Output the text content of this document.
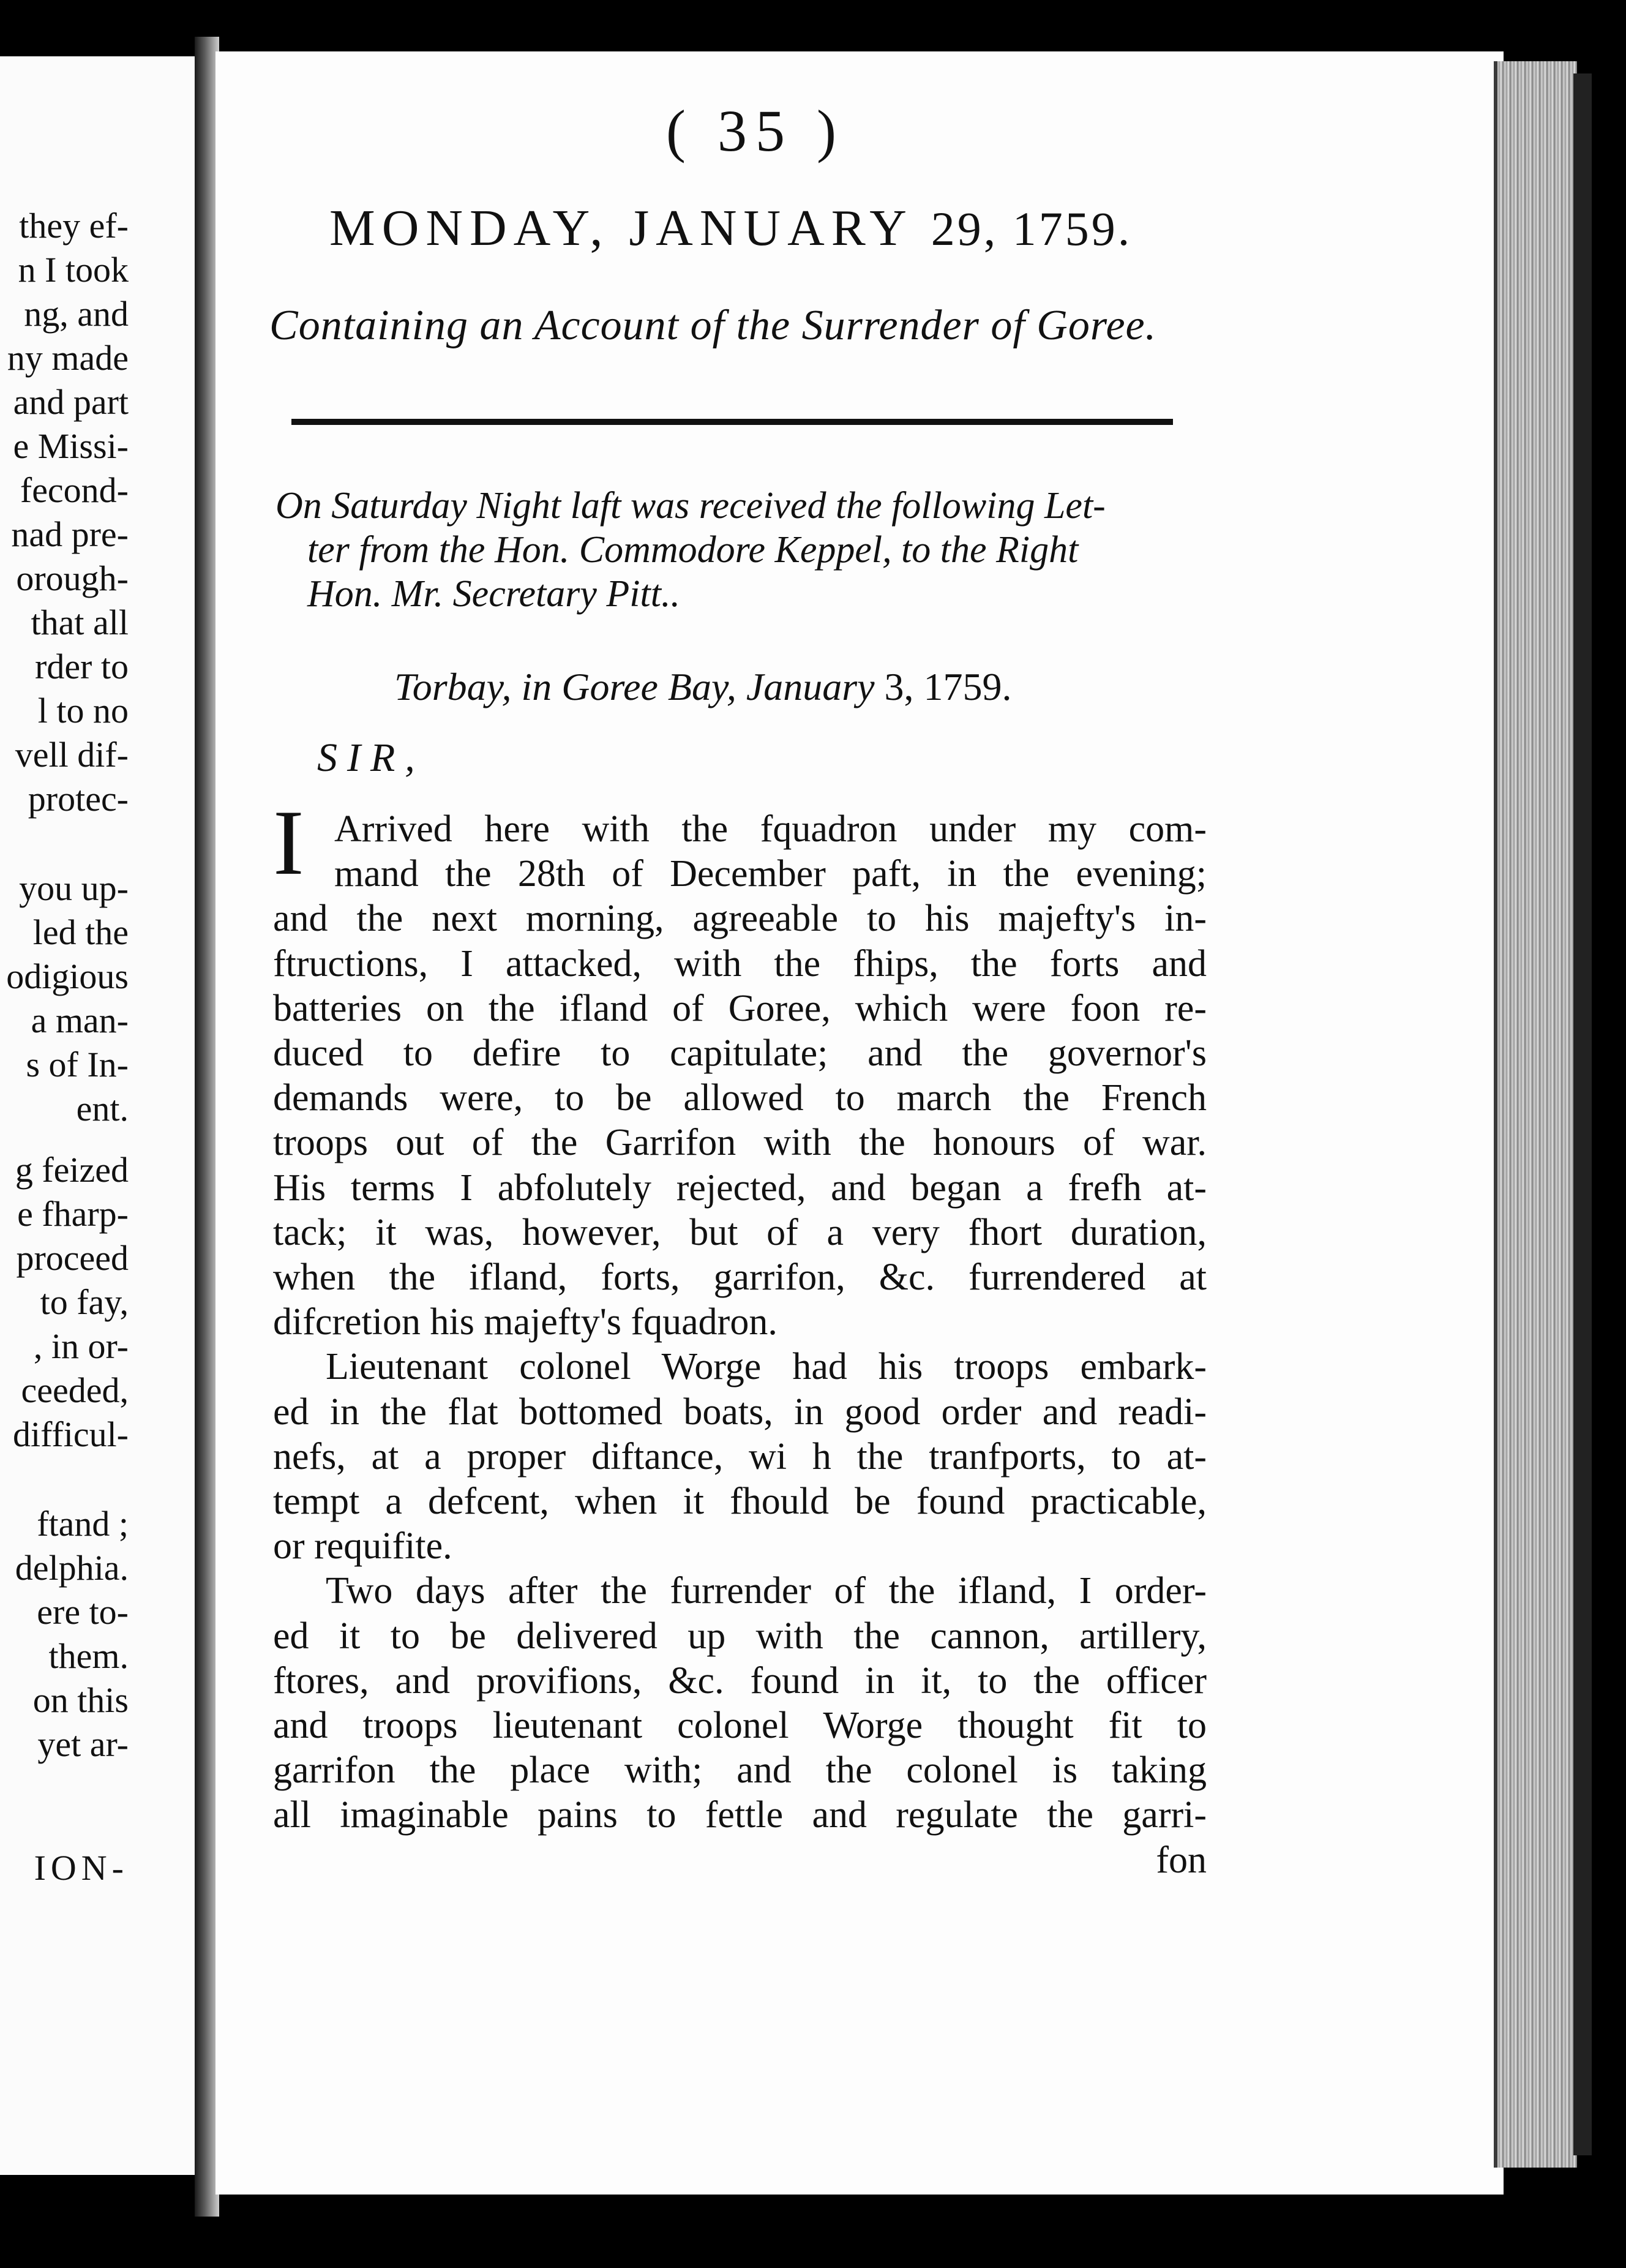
they ef-
n I took
ng, and
ny made
and part
e Missi-
fecond-
nad pre-
orough-
that all
rder to
l to no
vell dif-
protec-
you up-
led the
odigious
a man-
s of In-
ent.
g feized
e fharp-
proceed
to fay,
, in or-
ceeded,
difficul-
ftand ;
delphia.
ere to-
them.
on this
yet ar-
ION-
( 35 )
MONDAY, JANUARY 29, 1759.
Containing an Account of the Surrender of Goree.
On Saturday Night laft was received the following Let-
ter from the Hon. Commodore Keppel, to the Right
Hon. Mr. Secretary Pitt..
Torbay, in Goree Bay, January 3, 1759.
SIR,
I Arrived here with the fquadron under my com-
mand the 28th of December paft, in the evening;
and the next morning, agreeable to his majefty's in-
ftructions, I attacked, with the fhips, the forts and
batteries on the ifland of Goree, which were foon re-
duced to defire to capitulate; and the governor's
demands were, to be allowed to march the French
troops out of the Garrifon with the honours of war.
His terms I abfolutely rejected, and began a frefh at-
tack; it was, however, but of a very fhort duration,
when the ifland, forts, garrifon, &c. furrendered at
difcretion his majefty's fquadron.
Lieutenant colonel Worge had his troops embark-
ed in the flat bottomed boats, in good order and readi-
nefs, at a proper diftance, wi h the tranfports, to at-
tempt a defcent, when it fhould be found practicable,
or requifite.
Two days after the furrender of the ifland, I order-
ed it to be delivered up with the cannon, artillery,
ftores, and provifions, &c. found in it, to the officer
and troops lieutenant colonel Worge thought fit to
garrifon the place with; and the colonel is taking
all imaginable pains to fettle and regulate the garri-
fon
